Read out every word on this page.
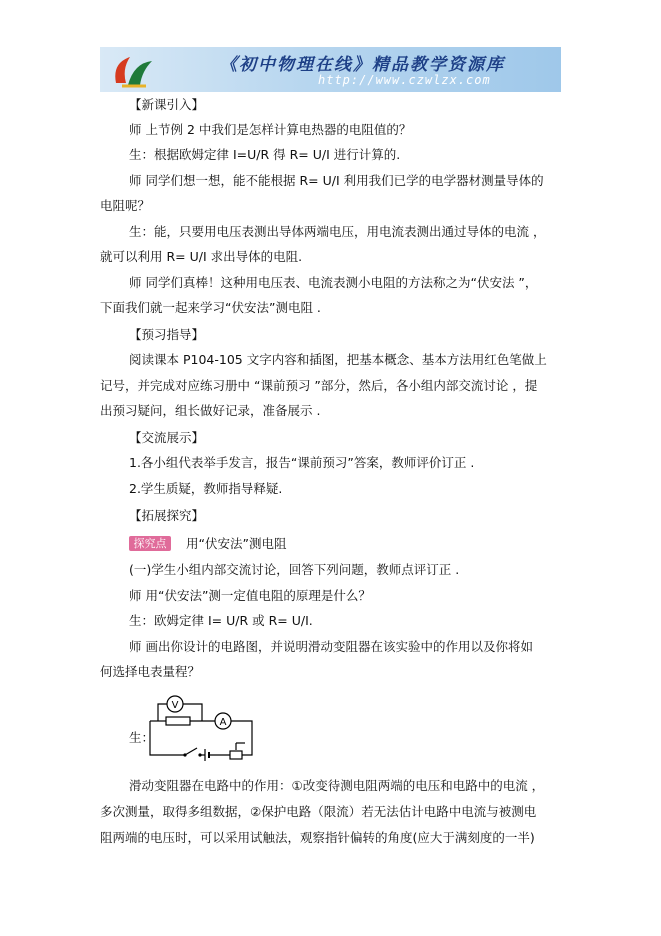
《初中物理在线》精品教学资源库
http://www.czwlzx.com
【新课引入】
师 上节例 2 中我们是怎样计算电热器的电阻值的？
生：根据欧姆定律 I=U/R 得 R= U/I 进行计算的.
师 同学们想一想，能不能根据 R= U/I 利用我们已学的电学器材测量导体的
电阻呢？
生：能，只要用电压表测出导体两端电压，用电流表测出通过导体的电流 ，
就可以利用 R= U/I 求出导体的电阻.
师 同学们真棒！这种用电压表、电流表测小电阻的方法称之为“伏安法 ”，
下面我们就一起来学习“伏安法”测电阻 .
【预习指导】
阅读课本 P104-105 文字内容和插图，把基本概念、基本方法用红色笔做上
记号，并完成对应练习册中 “课前预习 ”部分，然后，各小组内部交流讨论 ，提
出预习疑问，组长做好记录，准备展示 .
【交流展示】
1.各小组代表举手发言，报告“课前预习”答案，教师评价订正 .
2.学生质疑，教师指导释疑.
【拓展探究】
探究点	用“伏安法”测电阻
(一)学生小组内部交流讨论，回答下列问题，教师点评订正 .
师 用“伏安法”测一定值电阻的原理是什么？
生：欧姆定律 I= U/R 或 R= U/I.
师 画出你设计的电路图，并说明滑动变阻器在该实验中的作用以及你将如
何选择电表量程？
生：
V
A
滑动变阻器在电路中的作用：①改变待测电阻两端的电压和电路中的电流 ，
多次测量，取得多组数据，②保护电路（限流）若无法估计电路中电流与被测电
阻两端的电压时，可以采用试触法，观察指针偏转的角度(应大于满刻度的一半)
